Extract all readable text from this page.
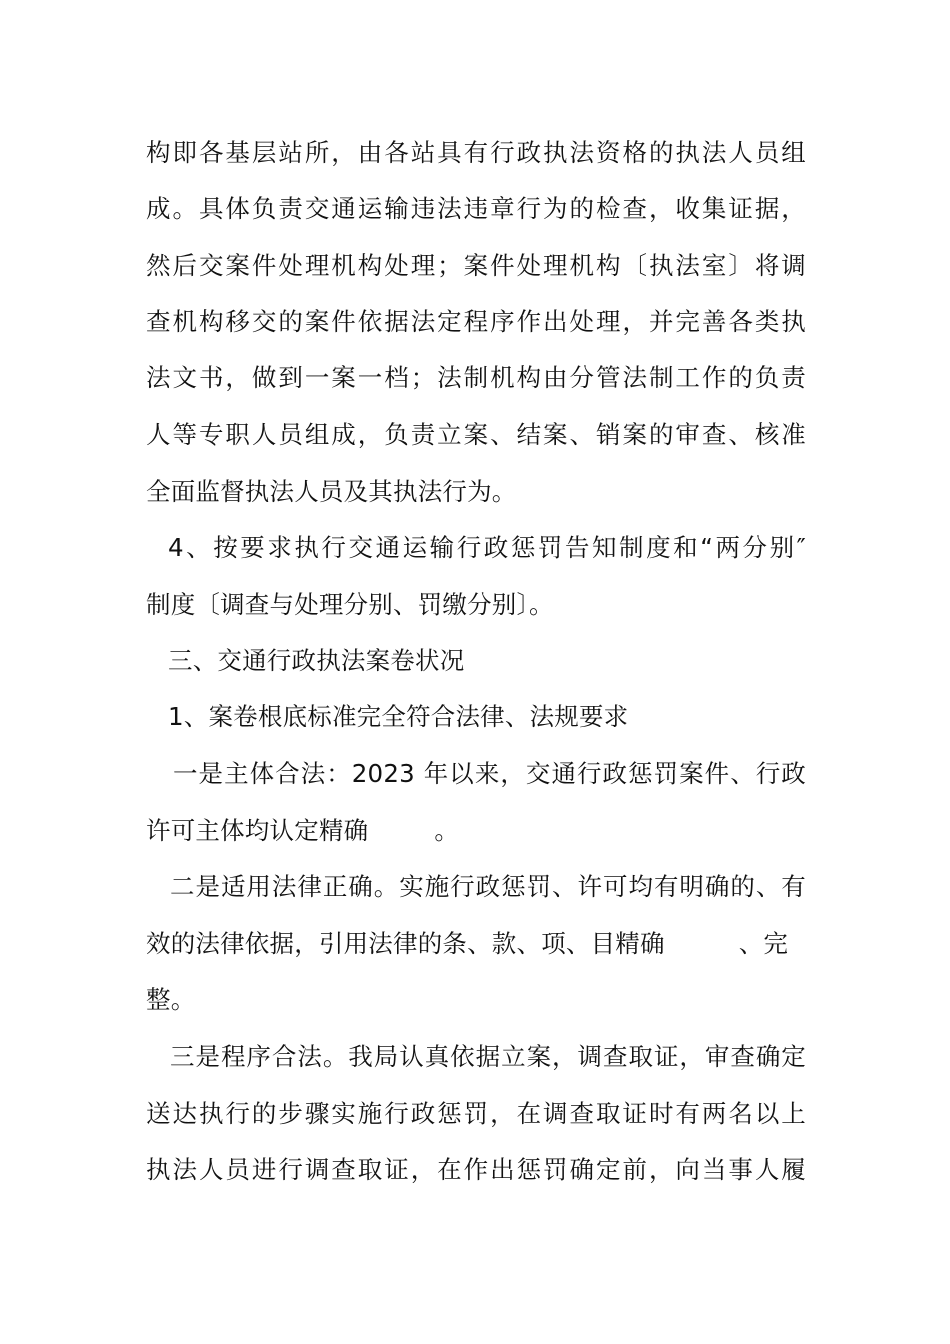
构即各基层站所，由各站具有行政执法资格的执法人员组
成。具体负责交通运输违法违章行为的检查，收集证据，
然后交案件处理机构处理；案件处理机构〔执法室〕将调
查机构移交的案件依据法定程序作出处理，并完善各类执
法文书，做到一案一档；法制机构由分管法制工作的负责
人等专职人员组成，负责立案、结案、销案的审查、核准
全面监督执法人员及其执法行为。
4、按要求执行交通运输行政惩罚告知制度和“两分别″
制度〔调查与处理分别、罚缴分别〕。
三、交通行政执法案卷状况
1、案卷根底标准完全符合法律、法规要求
一是主体合法：2023 年以来，交通行政惩罚案件、行政
许可主体均认定精确	。
二是适用法律正确。实施行政惩罚、许可均有明确的、有
效的法律依据，引用法律的条、款、项、目精确	、完
整。
三是程序合法。我局认真依据立案，调查取证，审查确定
送达执行的步骤实施行政惩罚，在调查取证时有两名以上
执法人员进行调查取证，在作出惩罚确定前，向当事人履
